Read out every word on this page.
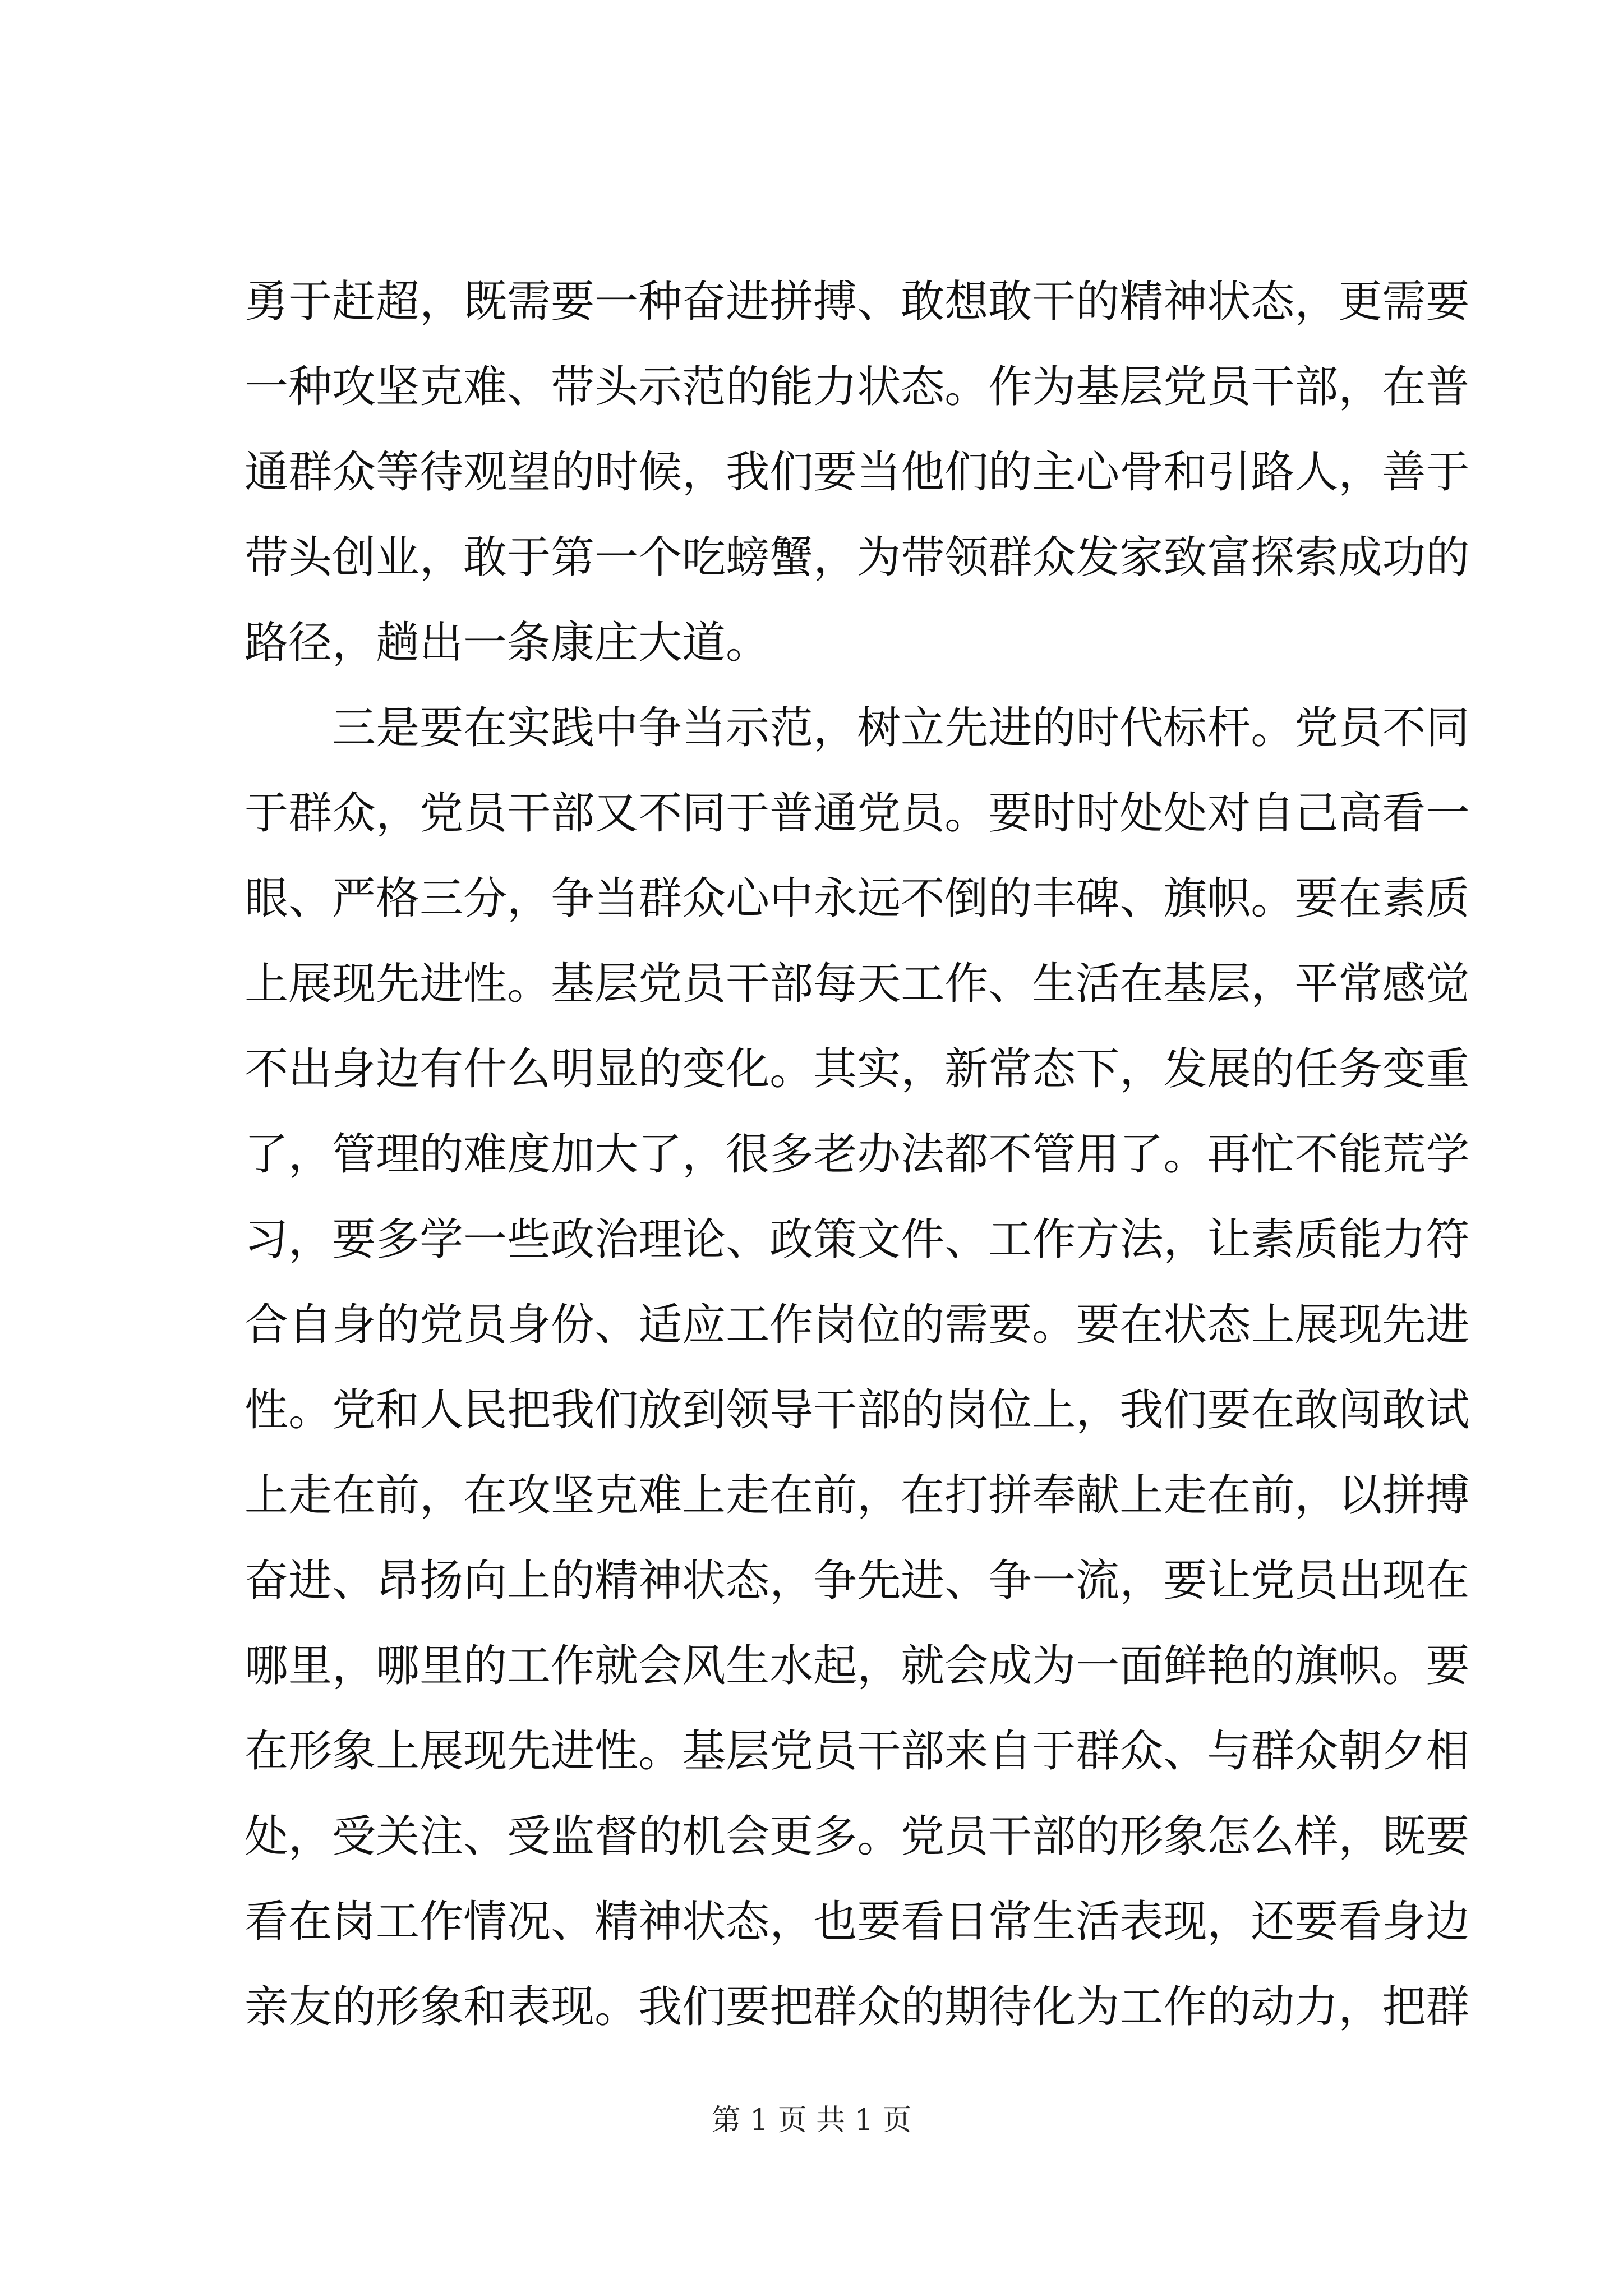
勇 于 赶 超 ， 既 需 要 一 种 奋 进 拼 搏 、 敢 想 敢 干 的 精 神 状 态 ， 更 需 要
一 种 攻 坚 克 难 、 带 头 示 范 的 能 力 状 态 。 作 为 基 层 党 员 干 部 ， 在 普
通 群 众 等 待 观 望 的 时 候 ， 我 们 要 当 他 们 的 主 心 骨 和 引 路 人 ， 善 于
带 头 创 业 ， 敢 于 第 一 个 吃 螃 蟹 ， 为 带 领 群 众 发 家 致 富 探 索 成 功 的
路径，趟出一条康庄大道。
三 是 要 在 实 践 中 争 当 示 范 ， 树 立 先 进 的 时 代 标 杆 。 党 员 不 同
于 群 众 ， 党 员 干 部 又 不 同 于 普 通 党 员 。 要 时 时 处 处 对 自 己 高 看 一
眼 、 严 格 三 分 ， 争 当 群 众 心 中 永 远 不 倒 的 丰 碑 、 旗 帜 。 要 在 素 质
上 展 现 先 进 性 。 基 层 党 员 干 部 每 天 工 作 、 生 活 在 基 层 ， 平 常 感 觉
不 出 身 边 有 什 么 明 显 的 变 化 。 其 实 ， 新 常 态 下 ， 发 展 的 任 务 变 重
了 ， 管 理 的 难 度 加 大 了 ， 很 多 老 办 法 都 不 管 用 了 。 再 忙 不 能 荒 学
习 ， 要 多 学 一 些 政 治 理 论 、 政 策 文 件 、 工 作 方 法 ， 让 素 质 能 力 符
合 自 身 的 党 员 身 份 、 适 应 工 作 岗 位 的 需 要 。 要 在 状 态 上 展 现 先 进
性 。 党 和 人 民 把 我 们 放 到 领 导 干 部 的 岗 位 上 ， 我 们 要 在 敢 闯 敢 试
上 走 在 前 ， 在 攻 坚 克 难 上 走 在 前 ， 在 打 拼 奉 献 上 走 在 前 ， 以 拼 搏
奋 进 、 昂 扬 向 上 的 精 神 状 态 ， 争 先 进 、 争 一 流 ， 要 让 党 员 出 现 在
哪 里 ， 哪 里 的 工 作 就 会 风 生 水 起 ， 就 会 成 为 一 面 鲜 艳 的 旗 帜 。 要
在 形 象 上 展 现 先 进 性 。 基 层 党 员 干 部 来 自 于 群 众 、 与 群 众 朝 夕 相
处 ， 受 关 注 、 受 监 督 的 机 会 更 多 。 党 员 干 部 的 形 象 怎 么 样 ， 既 要
看 在 岗 工 作 情 况 、 精 神 状 态 ， 也 要 看 日 常 生 活 表 现 ， 还 要 看 身 边
亲 友 的 形 象 和 表 现 。 我 们 要 把 群 众 的 期 待 化 为 工 作 的 动 力 ， 把 群
第 1 页 共 1 页
